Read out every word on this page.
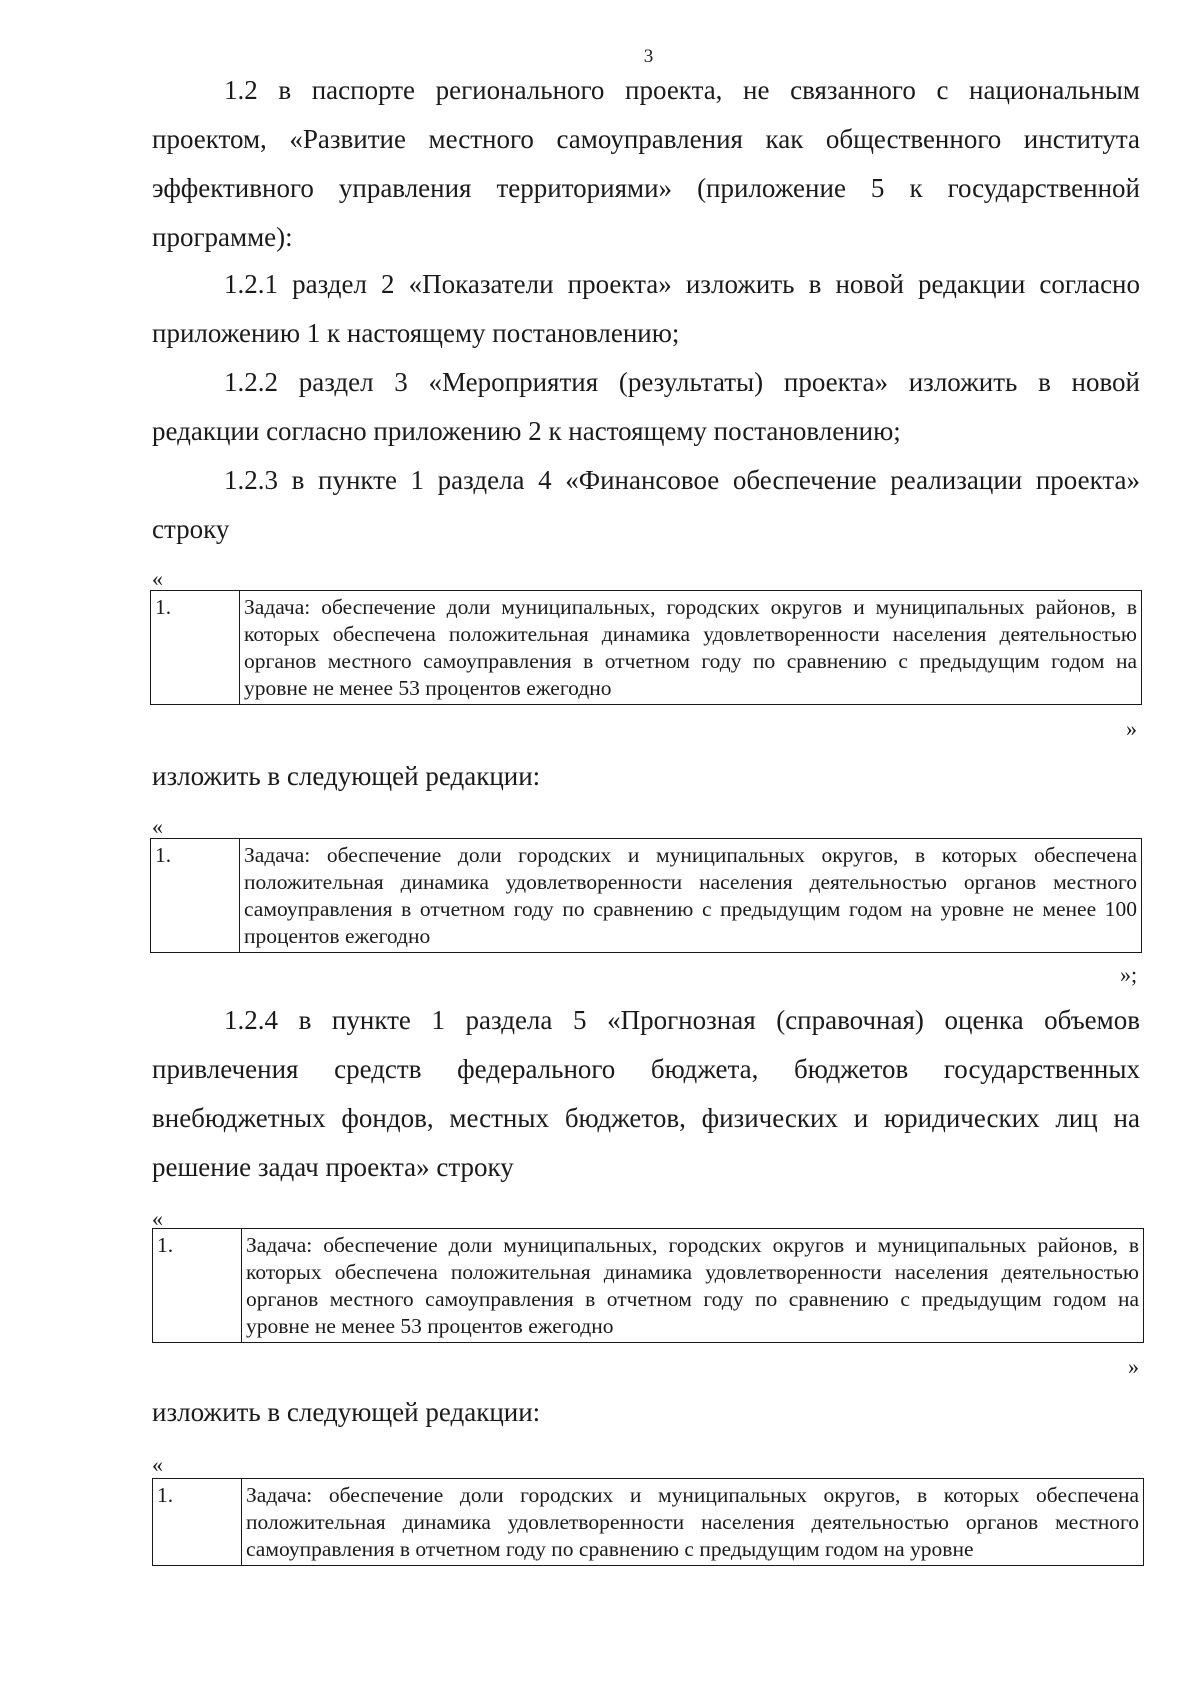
3

1.2 в паспорте регионального проекта, не связанного с национальным проектом, «Развитие местного самоуправления как общественного института эффективного управления территориями» (приложение 5 к государственной программе):

1.2.1 раздел 2 «Показатели проекта» изложить в новой редакции согласно приложению 1 к настоящему постановлению;

1.2.2 раздел 3 «Мероприятия (результаты) проекта» изложить в новой редакции согласно приложению 2 к настоящему постановлению;

1.2.3 в пункте 1 раздела 4 «Финансовое обеспечение реализации проекта» строку

«
1.	Задача: обеспечение доли муниципальных, городских округов и муниципальных районов, в которых обеспечена положительная динамика удовлетворенности населения деятельностью органов местного самоуправления в отчетном году по сравнению с предыдущим годом на уровне не менее 53 процентов ежегодно
»

изложить в следующей редакции:

«
1.	Задача: обеспечение доли городских и муниципальных округов, в которых обеспечена положительная динамика удовлетворенности населения деятельностью органов местного самоуправления в отчетном году по сравнению с предыдущим годом на уровне не менее 100 процентов ежегодно
»;

1.2.4 в пункте 1 раздела 5 «Прогнозная (справочная) оценка объемов привлечения средств федерального бюджета, бюджетов государственных внебюджетных фондов, местных бюджетов, физических и юридических лиц на решение задач проекта» строку

«
1.	Задача: обеспечение доли муниципальных, городских округов и муниципальных районов, в которых обеспечена положительная динамика удовлетворенности населения деятельностью органов местного самоуправления в отчетном году по сравнению с предыдущим годом на уровне не менее 53 процентов ежегодно
»

изложить в следующей редакции:

«
1.	Задача: обеспечение доли городских и муниципальных округов, в которых обеспечена положительная динамика удовлетворенности населения деятельностью органов местного самоуправления в отчетном году по сравнению с предыдущим годом на уровне
